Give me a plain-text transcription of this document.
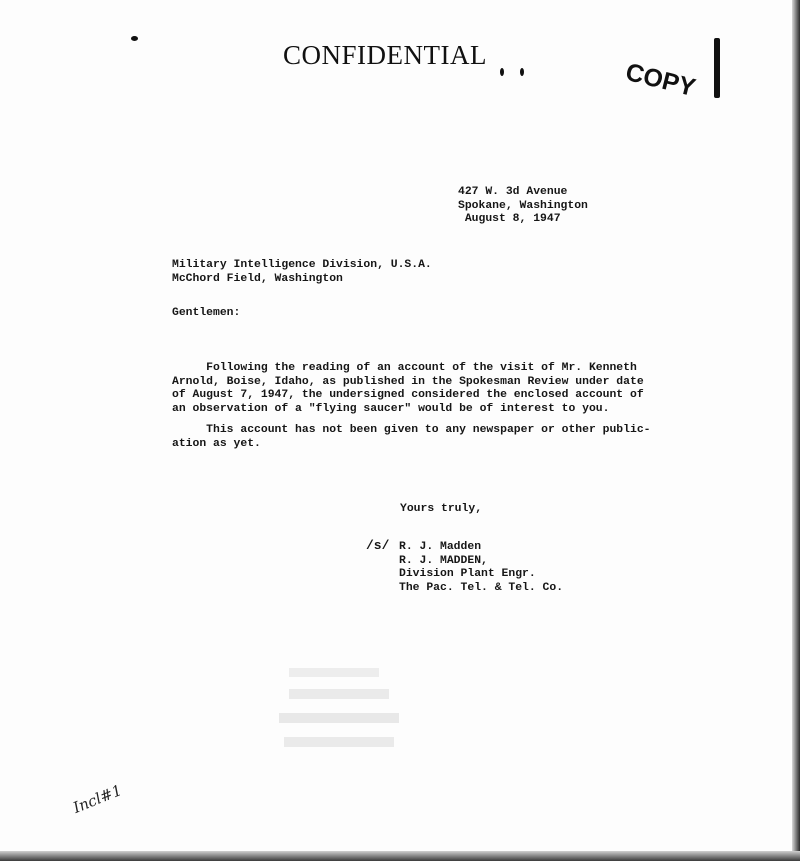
CONFIDENTIAL
COPY
427 W. 3d Avenue
Spokane, Washington
August 8, 1947
Military Intelligence Division, U.S.A.
McChord Field, Washington
Gentlemen:
Following the reading of an account of the visit of Mr. Kenneth
Arnold, Boise, Idaho, as published in the Spokesman Review under date
of August 7, 1947, the undersigned considered the enclosed account of
an observation of a "flying saucer" would be of interest to you.
This account has not been given to any newspaper or other public-
ation as yet.
Yours truly,
/s/ R. J. Madden
R. J. MADDEN,
Division Plant Engr.
The Pac. Tel. & Tel. Co.

Incl#1
